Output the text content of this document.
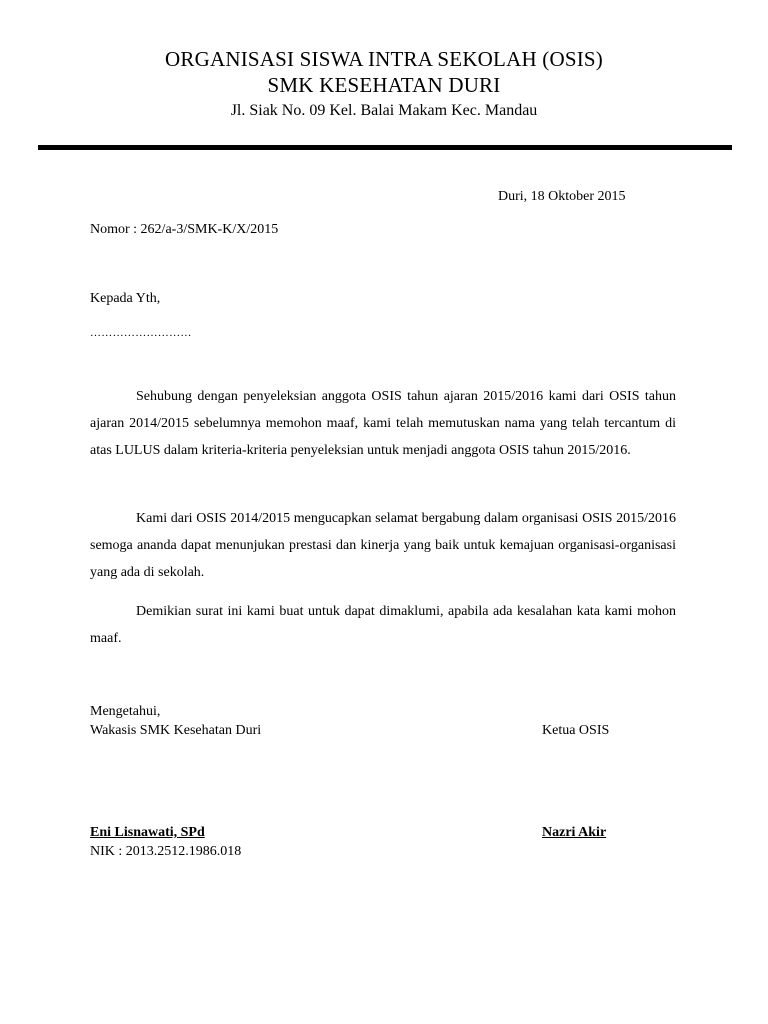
ORGANISASI SISWA INTRA SEKOLAH (OSIS)
SMK KESEHATAN DURI
Jl. Siak No. 09 Kel. Balai Makam Kec. Mandau
Duri, 18 Oktober 2015
Nomor : 262/a-3/SMK-K/X/2015
Kepada Yth,
………………………
Sehubung dengan penyeleksian anggota OSIS tahun ajaran 2015/2016 kami dari OSIS tahun ajaran 2014/2015 sebelumnya memohon maaf, kami telah memutuskan nama yang telah tercantum di atas LULUS dalam kriteria-kriteria penyeleksian untuk menjadi anggota OSIS tahun 2015/2016.
Kami dari OSIS 2014/2015 mengucapkan selamat bergabung dalam organisasi OSIS 2015/2016 semoga ananda dapat menunjukan prestasi dan kinerja yang baik untuk kemajuan organisasi-organisasi yang ada di sekolah.
Demikian surat ini kami buat untuk dapat dimaklumi, apabila ada kesalahan kata kami mohon maaf.
Mengetahui,
Wakasis SMK Kesehatan Duri	Ketua OSIS
Eni Lisnawati, SPd	Nazri Akir
NIK : 2013.2512.1986.018
